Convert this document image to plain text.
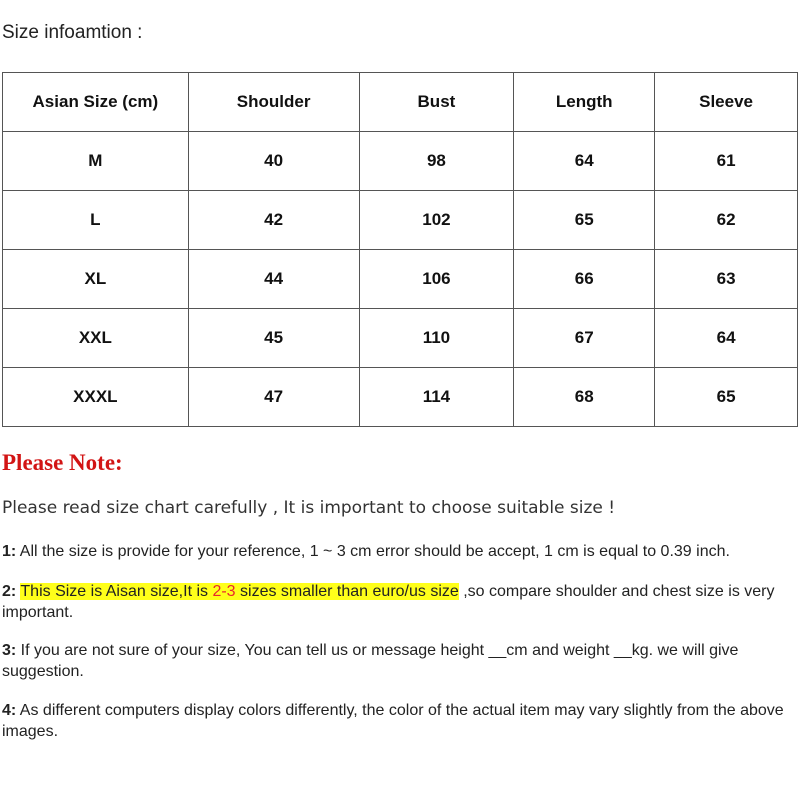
Size infoamtion :
Asian Size (cm)	Shoulder	Bust	Length	Sleeve
M	40	98	64	61
L	42	102	65	62
XL	44	106	66	63
XXL	45	110	67	64
XXXL	47	114	68	65
Please Note:
Please read size chart carefully , It is important to choose suitable size !
1: All the size is provide for your reference, 1 ~ 3 cm error should be accept, 1 cm is equal to 0.39 inch.
2: This Size is Aisan size,It is 2-3 sizes smaller than euro/us size ,so compare shoulder and chest size is very important.
3: If you are not sure of your size, You can tell us or message height __cm and weight __kg. we will give suggestion.
4: As different computers display colors differently, the color of the actual item may vary slightly from the above images.
